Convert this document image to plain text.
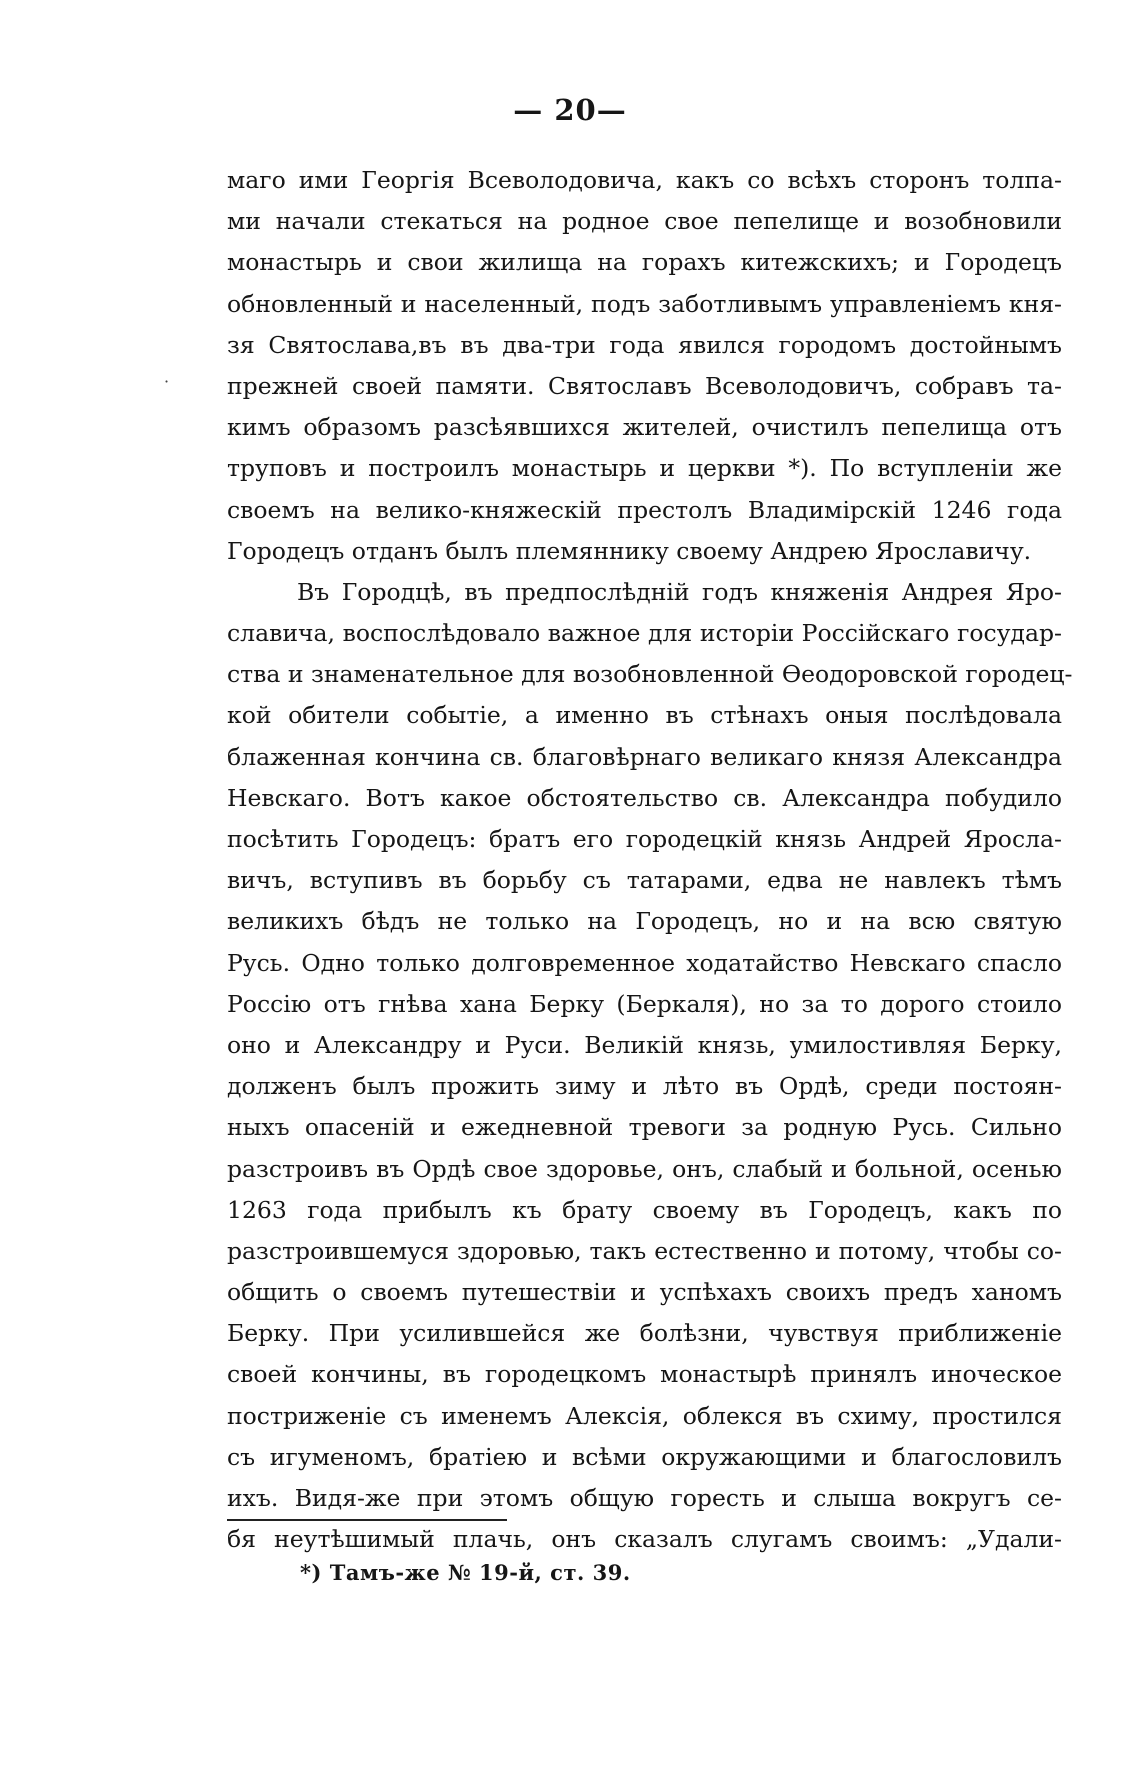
— 20—
·
маго ими Георгія Всеволодовича, какъ со всѣхъ сторонъ толпа-
ми начали стекаться на родное свое пепелище и возобновили
монастырь и свои жилища на горахъ китежскихъ; и Городецъ
обновленный и населенный, подъ заботливымъ управленіемъ кня-
зя Святослава,въ въ два-три года явился городомъ достойнымъ
прежней своей памяти. Святославъ Всеволодовичъ, собравъ та-
кимъ образомъ разсѣявшихся жителей, очистилъ пепелища отъ
труповъ и построилъ монастырь и церкви *). По вступленіи же
своемъ на велико-княжескій престолъ Владимірскій 1246 года
Городецъ отданъ былъ племяннику своему Андрею Ярославичу.
Въ Городцѣ, въ предпослѣдній годъ княженія Андрея Яро-
славича, воспослѣдовало важное для исторіи Россійскаго государ-
ства и знаменательное для возобновленной Ѳеодоровской городец-
кой обители событіе, а именно въ стѣнахъ оныя послѣдовала
блаженная кончина св. благовѣрнаго великаго князя Александра
Невскаго. Вотъ какое обстоятельство св. Александра побудило
посѣтить Городецъ: братъ его городецкій князь Андрей Яросла-
вичъ, вступивъ въ борьбу съ татарами, едва не навлекъ тѣмъ
великихъ бѣдъ не только на Городецъ, но и на всю святую
Русь. Одно только долговременное ходатайство Невскаго спасло
Россію отъ гнѣва хана Берку (Беркаля), но за то дорого стоило
оно и Александру и Руси. Великій князь, умилостивляя Берку,
долженъ былъ прожить зиму и лѣто въ Ордѣ, среди постоян-
ныхъ опасеній и ежедневной тревоги за родную Русь. Сильно
разстроивъ въ Ордѣ свое здоровье, онъ, слабый и больной, осенью
1263 года прибылъ къ брату своему въ Городецъ, какъ по
разстроившемуся здоровью, такъ естественно и потому, чтобы со-
общить о своемъ путешествіи и успѣхахъ своихъ предъ ханомъ
Берку. При усилившейся же болѣзни, чувствуя приближеніе
своей кончины, въ городецкомъ монастырѣ принялъ иноческое
постриженіе съ именемъ Алексія, облекся въ схиму, простился
съ игуменомъ, братіею и всѣми окружающими и благословилъ
ихъ. Видя-же при этомъ общую горесть и слыша вокругъ се-
бя неутѣшимый плачь, онъ сказалъ слугамъ своимъ: „Удали-
*) Тамъ-же № 19-й, ст. 39.
